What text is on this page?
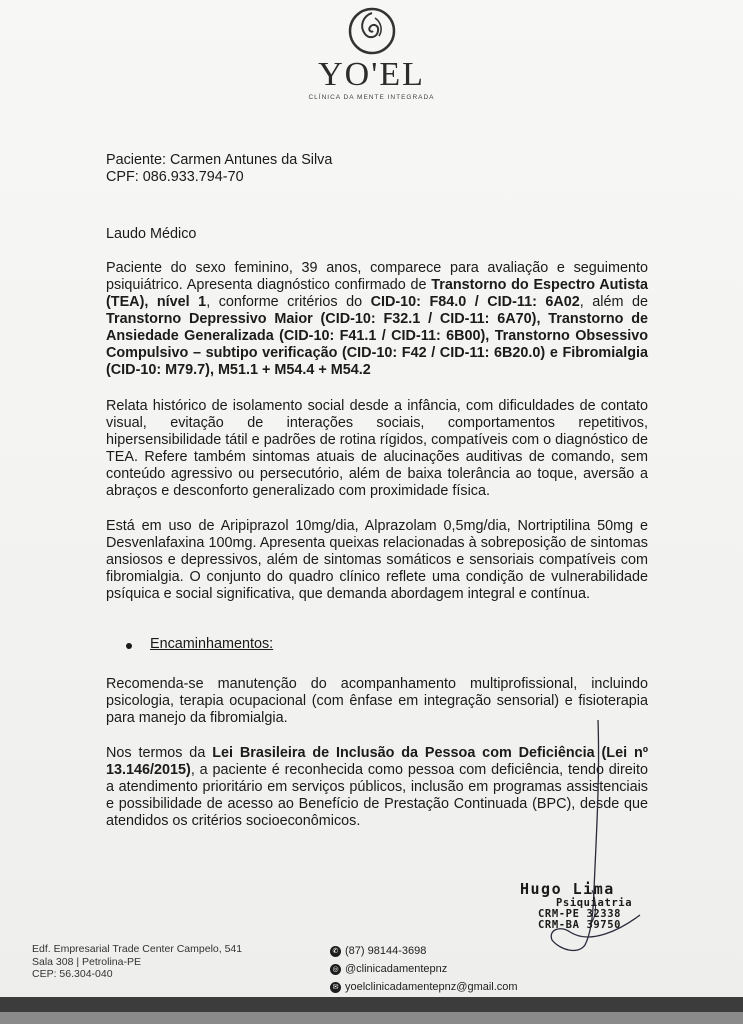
YO'EL
CLÍNICA DA MENTE INTEGRADA

Paciente: Carmen Antunes da Silva

CPF: 086.933.794-70

Laudo Médico

Paciente do sexo feminino, 39 anos, comparece para avaliação e seguimento psiquiátrico. Apresenta diagnóstico confirmado de Transtorno do Espectro Autista (TEA), nível 1, conforme critérios do CID-10: F84.0 / CID-11: 6A02, além de Transtorno Depressivo Maior (CID-10: F32.1 / CID-11: 6A70), Transtorno de Ansiedade Generalizada (CID-10: F41.1 / CID-11: 6B00), Transtorno Obsessivo Compulsivo – subtipo verificação (CID-10: F42 / CID-11: 6B20.0) e Fibromialgia (CID-10: M79.7), M51.1 + M54.4 + M54.2

Relata histórico de isolamento social desde a infância, com dificuldades de contato visual, evitação de interações sociais, comportamentos repetitivos, hipersensibilidade tátil e padrões de rotina rígidos, compatíveis com o diagnóstico de TEA. Refere também sintomas atuais de alucinações auditivas de comando, sem conteúdo agressivo ou persecutório, além de baixa tolerância ao toque, aversão a abraços e desconforto generalizado com proximidade física.

Está em uso de Aripiprazol 10mg/dia, Alprazolam 0,5mg/dia, Nortriptilina 50mg e Desvenlafaxina 100mg. Apresenta queixas relacionadas à sobreposição de sintomas ansiosos e depressivos, além de sintomas somáticos e sensoriais compatíveis com fibromialgia. O conjunto do quadro clínico reflete uma condição de vulnerabilidade psíquica e social significativa, que demanda abordagem integral e contínua.

Encaminhamentos:

Recomenda-se manutenção do acompanhamento multiprofissional, incluindo psicologia, terapia ocupacional (com ênfase em integração sensorial) e fisioterapia para manejo da fibromialgia.

Nos termos da Lei Brasileira de Inclusão da Pessoa com Deficiência (Lei nº 13.146/2015), a paciente é reconhecida como pessoa com deficiência, tendo direito a atendimento prioritário em serviços públicos, inclusão em programas assistenciais e possibilidade de acesso ao Benefício de Prestação Continuada (BPC), desde que atendidos os critérios socioeconômicos.

Hugo Lima
Psiquiatria
CRM-PE 32338
CRM-BA 39750
Edf. Empresarial Trade Center Campelo, 541
Sala 308 | Petrolina-PE
CEP: 56.304-040
✆ (87) 98144-3698
◎ @clinicadamentepnz
✉ yoelclinicadamentepnz@gmail.com
